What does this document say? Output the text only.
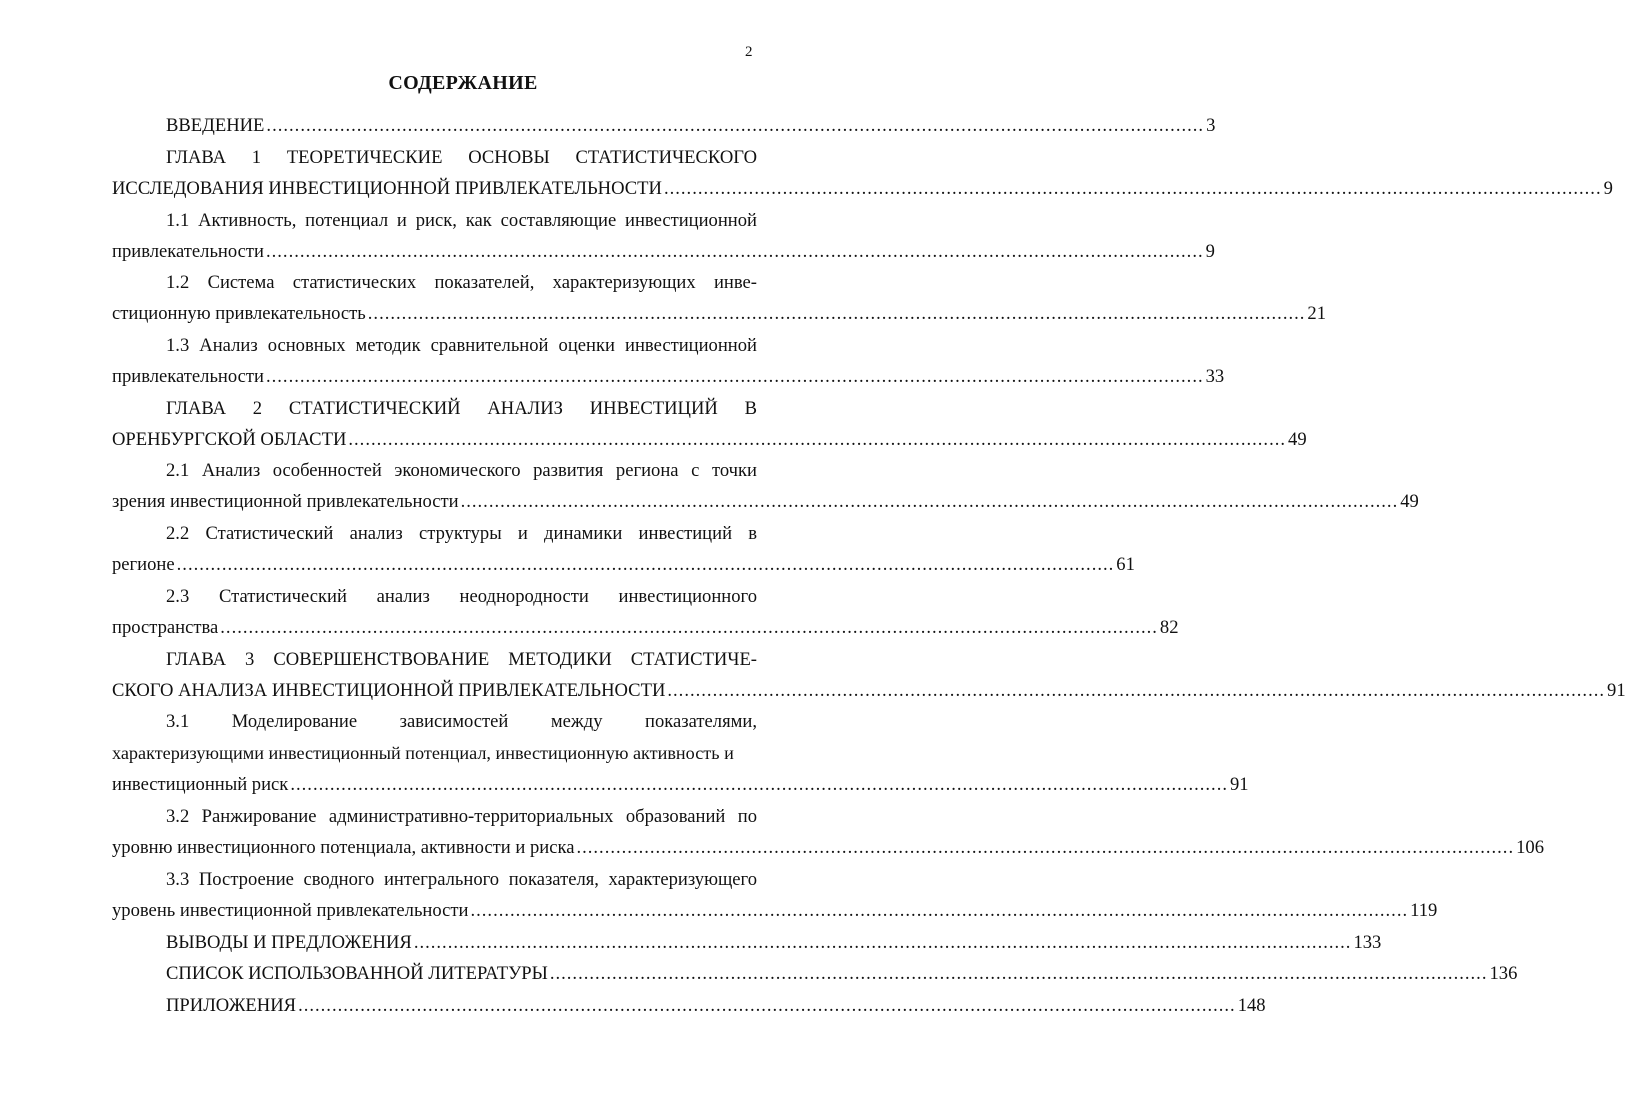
2
СОДЕРЖАНИЕ
ВВЕДЕНИЕ ...................................................................................................................................................................... 3
ГЛАВА 1 ТЕОРЕТИЧЕСКИЕ ОСНОВЫ СТАТИСТИЧЕСКОГО
ИССЛЕДОВАНИЯ ИНВЕСТИЦИОННОЙ ПРИВЛЕКАТЕЛЬНОСТИ ...................................................................................................................................................................... 9
1.1 Активность, потенциал и риск, как составляющие инвестиционной
привлекательности ...................................................................................................................................................................... 9
1.2 Система статистических показателей, характеризующих инве-
стиционную привлекательность ...................................................................................................................................................................... 21
1.3 Анализ основных методик сравнительной оценки инвестиционной
привлекательности ...................................................................................................................................................................... 33
ГЛАВА 2 СТАТИСТИЧЕСКИЙ АНАЛИЗ ИНВЕСТИЦИЙ В
ОРЕНБУРГСКОЙ ОБЛАСТИ ...................................................................................................................................................................... 49
2.1 Анализ особенностей экономического развития региона с точки
зрения инвестиционной привлекательности ...................................................................................................................................................................... 49
2.2 Статистический анализ структуры и динамики инвестиций в
регионе ...................................................................................................................................................................... 61
2.3 Статистический анализ неоднородности инвестиционного
пространства ...................................................................................................................................................................... 82
ГЛАВА 3 СОВЕРШЕНСТВОВАНИЕ МЕТОДИКИ СТАТИСТИЧЕ-
СКОГО АНАЛИЗА ИНВЕСТИЦИОННОЙ ПРИВЛЕКАТЕЛЬНОСТИ ...................................................................................................................................................................... 91
3.1 Моделирование зависимостей между показателями,
характеризующими инвестиционный потенциал, инвестиционную активность и
инвестиционный риск ...................................................................................................................................................................... 91
3.2 Ранжирование административно-территориальных образований по
уровню инвестиционного потенциала, активности и риска ...................................................................................................................................................................... 106
3.3 Построение сводного интегрального показателя, характеризующего
уровень инвестиционной привлекательности ...................................................................................................................................................................... 119
ВЫВОДЫ И ПРЕДЛОЖЕНИЯ ...................................................................................................................................................................... 133
СПИСОК ИСПОЛЬЗОВАННОЙ ЛИТЕРАТУРЫ ...................................................................................................................................................................... 136
ПРИЛОЖЕНИЯ ...................................................................................................................................................................... 148
